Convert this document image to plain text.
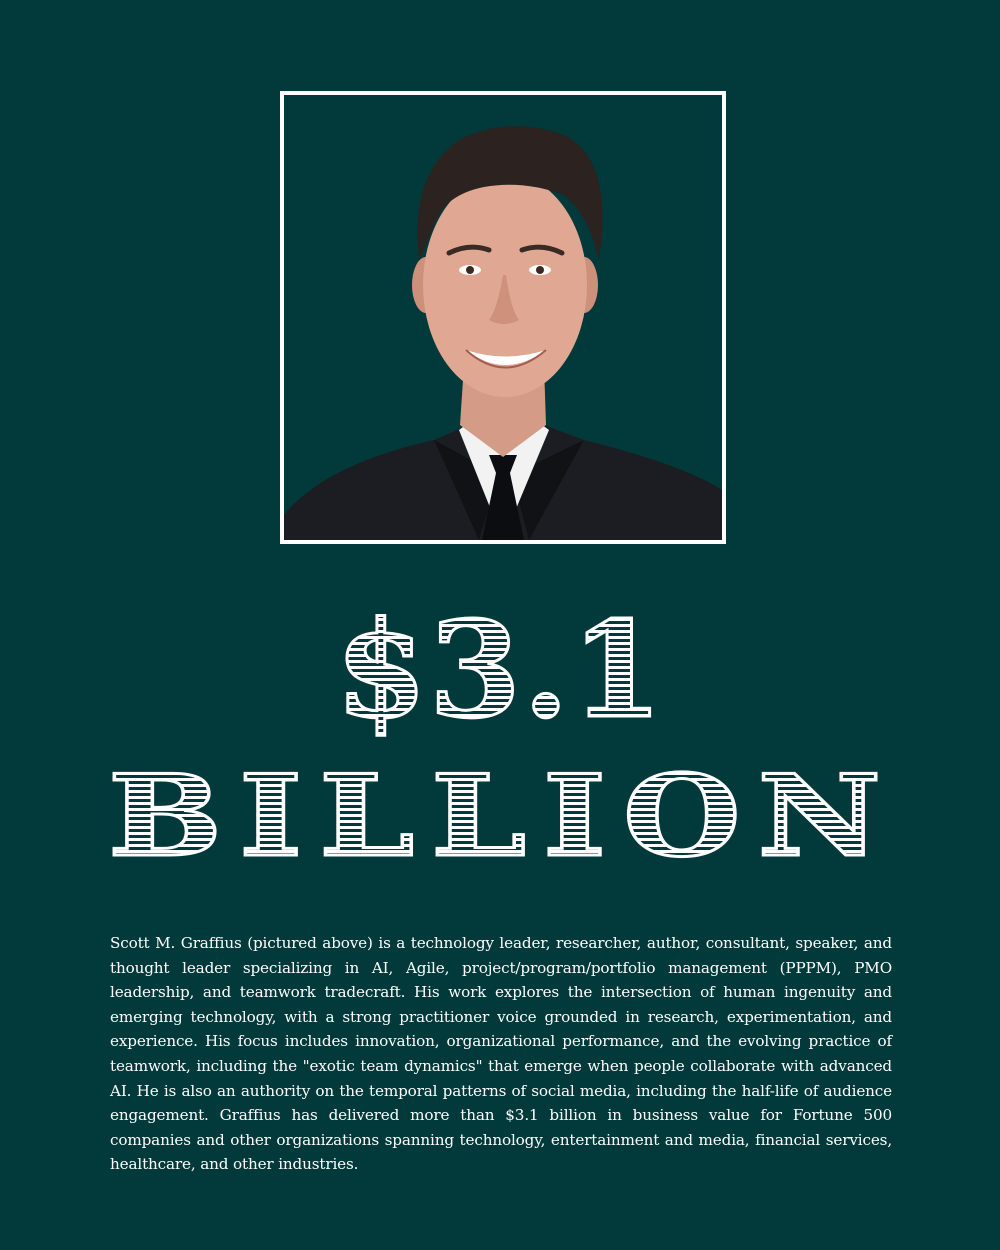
$3.1
BILLION

Scott M. Graffius (pictured above) is a technology leader, researcher, author, consultant, speaker, and thought leader specializing in AI, Agile, project/program/portfolio management (PPPM), PMO leadership, and teamwork tradecraft. His work explores the intersection of human ingenuity and emerging technology, with a strong practitioner voice grounded in research, experimentation, and experience. His focus includes innovation, organizational performance, and the evolving practice of teamwork, including the "exotic team dynamics" that emerge when people collaborate with advanced AI. He is also an authority on the temporal patterns of social media, including the half-life of audience engagement. Graffius has delivered more than $3.1 billion in business value for Fortune 500 companies and other organizations spanning technology, entertainment and media, financial services, healthcare, and other industries.
